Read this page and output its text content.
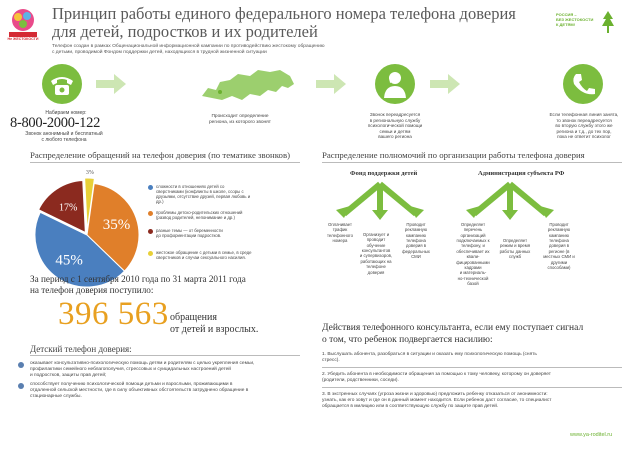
Не ЖЕСТОКОСТИ
Принцип работы единого федерального номера телефона доверия
для детей, подростков и их родителей
Телефон создан в рамках Общенациональной информационной кампании по противодействию жестокому обращению
с детьми, проводимой Фондом поддержки детей, находящихся в трудной жизненной ситуации
РОССИЯ –
БЕЗ ЖЕСТОКОСТИ
К ДЕТЯМ!
Набираем номер:
8-800-2000-122
Звонок анонимный и бесплатный
с любого телефона
Происходит определение
региона, из которого звонят
Звонок переадресуется
в региональную службу
психологической помощи
семьи и детям
вашего региона
Если телефонная линия занята,
то звонок переадресуется
во вторую службу этого же
региона и т.д., до тех пор,
пока не ответит психолог
Распределение обращений на телефон доверия (по тематике звонков)
3%
35%
45%
17%
сложности в отношениях детей со
сверстниками (конфликты в школе, ссоры с
друзьями, отсутствие друзей, первая любовь и
др.)
проблемы детско-родительских отношений
(развод родителей, непонимание и др.)
разные темы — от беременности
до профориентации подростков.
жестокое обращение с детьми в семье, в среде
сверстников и случаи сексуального насилия.
За период с 1 сентября 2010 года по 31 марта 2011 года
на телефон доверия поступило:
396 563 обращения
от детей и взрослых.
Детский телефон доверия:
оказывает консультативно-психологическую помощь детям и родителям с целью укрепления семьи,
профилактики семейного неблагополучия, стрессовых и суицидальных настроений детей
и подростков, защиты прав детей;
способствует получению психологической помощи детьми и взрослыми, проживающими в
отдаленной сельской местности, где в силу объективных обстоятельств затруднено обращение в
стационарные службы.
Распределение полномочий по организации работы телефона доверия
Фонд поддержки детей	Администрация субъекта РФ
Оплачивает
трафик
телефонного
номера
Организует и
проводит
обучение
консультантов
и супервизоров,
работающих на
телефоне
доверия
Проводит
рекламную
кампанию
телефона
доверия в
федеральных
СМИ
Определяет
перечень
организаций
подключаемых к
телефону, и
обеспечивает их
квали-
фицированными
кадрами
и материаль-
но-технической
базой
Определяет
режим и время
работы данных
служб
Проводит
рекламную
кампанию
телефона
доверия в
регионе (в
местных СМИ и
другими
способами)
Действия телефонного консультанта, если ему поступает сигнал
о том, что ребенок подвергается насилию:
1. Выслушать абонента, разобраться в ситуации и оказать ему психологическую помощь (снять
стресс).
2. Убедить абонента в необходимости обращения за помощью к тому человеку, которому он доверяет
(родители, родственники, соседи).
3. В экстренных случаях (угроза жизни и здоровью) предложить ребенку отказаться от анонимности:
узнать, как его зовут и где он в данный момент находится. Если ребенок даст согласие, то специалист
обращается в милицию или в соответствующую службу по защите прав детей.
www.ya-roditel.ru
